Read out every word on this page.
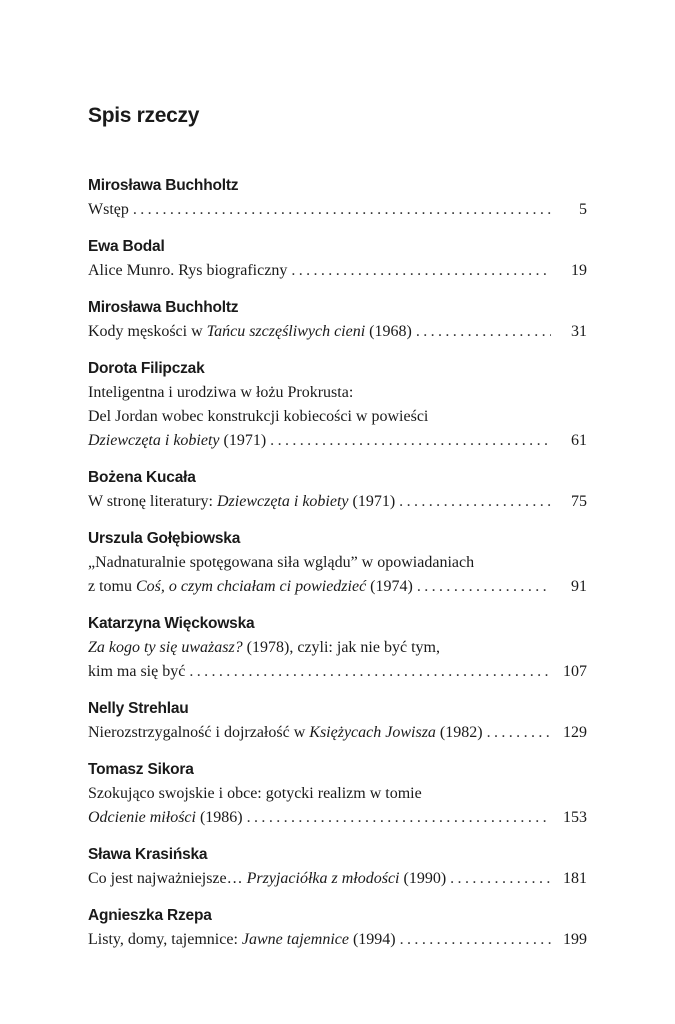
Spis rzeczy
Mirosława Buchholtz
Wstęp .....	5
Ewa Bodal
Alice Munro. Rys biograficzny .....	19
Mirosława Buchholtz
Kody męskości w Tańcu szczęśliwych cieni (1968) .....	31
Dorota Filipczak
Inteligentna i urodziwa w łożu Prokrusta:
Del Jordan wobec konstrukcji kobiecości w powieści
Dziewczęta i kobiety (1971) .....	61
Bożena Kucała
W stronę literatury: Dziewczęta i kobiety (1971) .....	75
Urszula Gołębiowska
„Nadnaturalnie spotęgowana siła wglądu” w opowiadaniach
z tomu Coś, o czym chciałam ci powiedzieć (1974) .....	91
Katarzyna Więckowska
Za kogo ty się uważasz? (1978), czyli: jak nie być tym,
kim ma się być .....	107
Nelly Strehlau
Nierozstrzygalność i dojrzałość w Księżycach Jowisza (1982) .....	129
Tomasz Sikora
Szokująco swojskie i obce: gotycki realizm w tomie
Odcienie miłości (1986) .....	153
Sława Krasińska
Co jest najważniejsze… Przyjaciółka z młodości (1990) .....	181
Agnieszka Rzepa
Listy, domy, tajemnice: Jawne tajemnice (1994) .....	199
